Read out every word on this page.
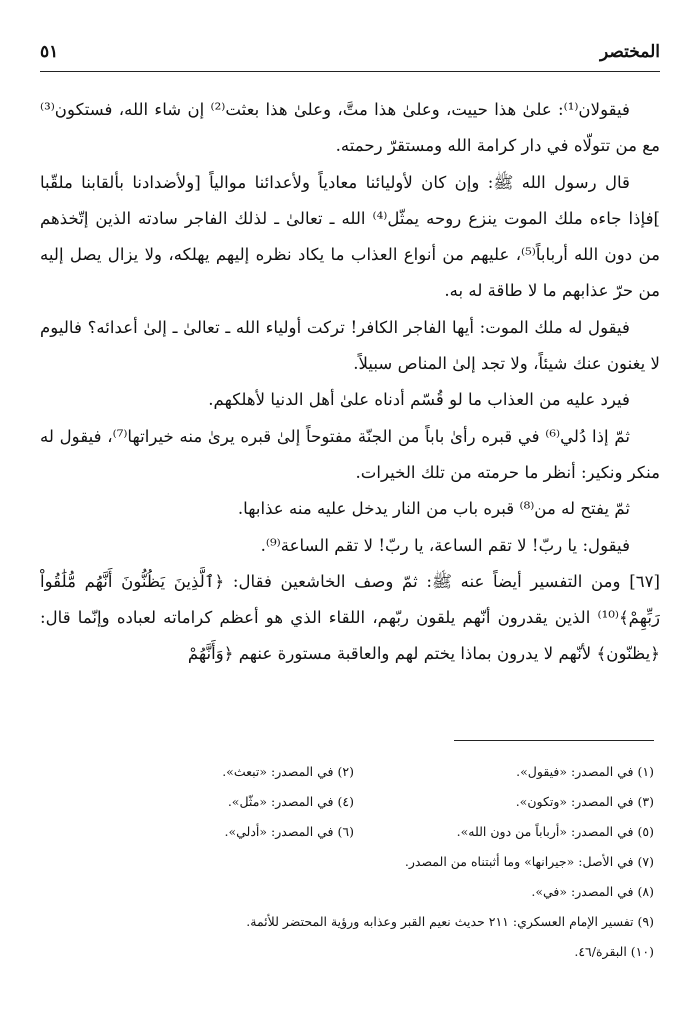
المختصر
٥١

فيقولان⁽¹⁾: علىٰ هذا حييت، وعلىٰ هذا متَّ، وعلىٰ هذا بعثت⁽²⁾ إن شاء الله، فستكون⁽³⁾ مع من تتولّاه في دار كرامة الله ومستقرّ رحمته.

قال رسول الله ﷺ: وإن كان لأوليائنا معادياً ولأعدائنا موالياً [ولأضدادنا بألقابنا ملقّبا ]فإذا جاءه ملك الموت ينزع روحه يمثّل⁽⁴⁾ الله ـ تعالىٰ ـ لذلك الفاجر سادته الذين إتّخذهم من دون الله أرباباً⁽⁵⁾، عليهم من أنواع العذاب ما يكاد نظره إليهم يهلكه، ولا يزال يصل إليه من حرّ عذابهم ما لا طاقة له به.

فيقول له ملك الموت: أيها الفاجر الكافر! تركت أولياء الله ـ تعالىٰ ـ إلىٰ أعدائه؟ فاليوم لا يغنون عنك شيئاً، ولا تجد إلىٰ المناص سبيلاً.

فيرد عليه من العذاب ما لو قُسّم أدناه علىٰ أهل الدنيا لأهلكهم.

ثمّ إذا دُلي⁽⁶⁾ في قبره رأىٰ باباً من الجنّة مفتوحاً إلىٰ قبره يرىٰ منه خيراتها⁽⁷⁾، فيقول له منكر ونكير: أنظر ما حرمته من تلك الخيرات.

ثمّ يفتح له من⁽⁸⁾ قبره باب من النار يدخل عليه منه عذابها.

فيقول: يا ربّ! لا تقم الساعة، يا ربّ! لا تقم الساعة⁽⁹⁾.

[٦٧] ومن التفسير أيضاً عنه ﷺ: ثمّ وصف الخاشعين فقال: ﴿ٱلَّذِينَ يَظُنُّونَ أَنَّهُم مُّلَٰقُواْ رَبِّهِمْ﴾⁽¹⁰⁾ الذين يقدرون أنّهم يلقون ربّهم، اللقاء الذي هو أعظم كراماته لعباده وإنّما قال: ﴿يظنّون﴾ لأنّهم لا يدرون بماذا يختم لهم والعاقبة مستورة عنهم ﴿وَأَنَّهُمْ

(١) في المصدر: «فيقول».
(٢) في المصدر: «تبعث».
(٣) في المصدر: «وتكون».
(٤) في المصدر: «مثّل».
(٥) في المصدر: «أرباباً من دون الله».
(٦) في المصدر: «أدلي».
(٧) في الأصل: «جيرانها» وما أثبتناه من المصدر.
(٨) في المصدر: «في».
(٩) تفسير الإمام العسكري: ٢١١ حديث نعيم القبر وعذابه ورؤية المحتضر للأئمة.
(١٠) البقرة/٤٦.
